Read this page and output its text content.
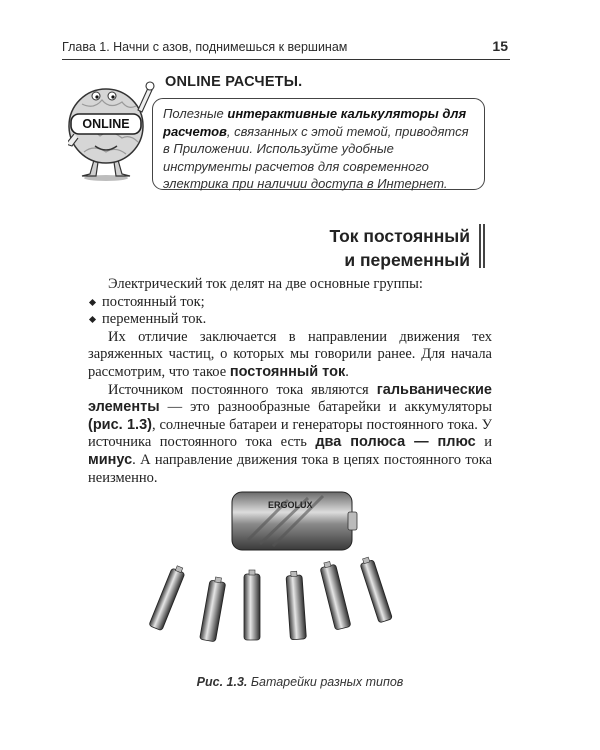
Глава 1. Начни с азов, поднимешься к вершинам	15
ONLINE
ONLINE РАСЧЕТЫ.
Полезные интерактивные калькуляторы для расчетов, связанных с этой темой, приводятся в Приложении. Используйте удобные инструменты расчетов для современного электрика при наличии доступа в Интернет.
Ток постоянный
и переменный

Электрический ток делят на две основные группы:

постоянный ток;
переменный ток.

Их отличие заключается в направлении движения тех заряженных частиц, о которых мы говорили ранее. Для начала рассмотрим, что такое постоянный ток.

Источником постоянного тока являются гальванические элементы — это разнообразные батарейки и аккумуляторы (рис. 1.3), солнечные батареи и генераторы постоянного тока. У источника постоянного тока есть два полюса — плюс и минус. А направление движения тока в цепях постоянного тока неизменно.

ERGOLUX
Рис. 1.3. Батарейки разных типов
